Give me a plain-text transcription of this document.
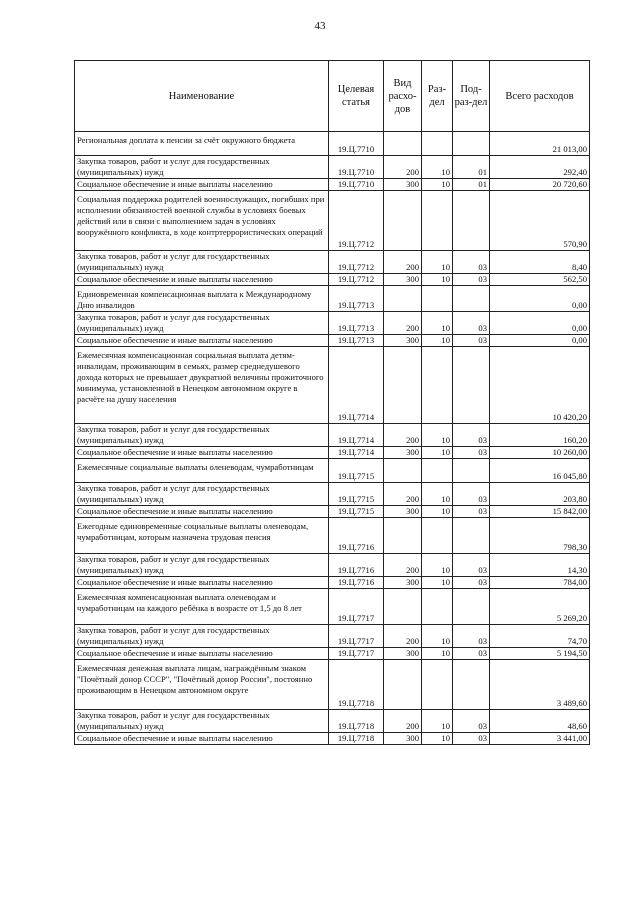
43
Наименование	Целевая статья	Вид расхо-дов	Раз-дел	Под-раз-дел	Всего расходов
Региональная доплата к пенсии за счёт окружного бюджета	19.Ц.7710				21 013,00
Закупка товаров, работ и услуг для государственных (муниципальных) нужд	19.Ц.7710	200	10	01	292,40
Социальное обеспечение и иные выплаты населению	19.Ц.7710	300	10	01	20 720,60
Социальная поддержка родителей военнослужащих, погибших при исполнении обязанностей военной службы в условиях боевых действий или в связи с выполнением задач в условиях вооружённого конфликта, в ходе контртеррористических операций	19.Ц.7712				570,90
Закупка товаров, работ и услуг для государственных (муниципальных) нужд	19.Ц.7712	200	10	03	8,40
Социальное обеспечение и иные выплаты населению	19.Ц.7712	300	10	03	562,50
Единовременная компенсационная выплата к Международному Дню инвалидов	19.Ц.7713				0,00
Закупка товаров, работ и услуг для государственных (муниципальных) нужд	19.Ц.7713	200	10	03	0,00
Социальное обеспечение и иные выплаты населению	19.Ц.7713	300	10	03	0,00
Ежемесячная компенсационная социальная выплата детям-инвалидам, проживающим в семьях, размер среднедушевого дохода которых не превышает двукратной величины прожиточного минимума, установленной в Ненецком автономном округе в расчёте на душу населения	19.Ц.7714				10 420,20
Закупка товаров, работ и услуг для государственных (муниципальных) нужд	19.Ц.7714	200	10	03	160,20
Социальное обеспечение и иные выплаты населению	19.Ц.7714	300	10	03	10 260,00
Ежемесячные социальные выплаты оленеводам, чумработницам	19.Ц.7715				16 045,80
Закупка товаров, работ и услуг для государственных (муниципальных) нужд	19.Ц.7715	200	10	03	203,80
Социальное обеспечение и иные выплаты населению	19.Ц.7715	300	10	03	15 842,00
Ежегодные единовременные социальные выплаты оленеводам, чумработницам, которым назначена трудовая пенсия	19.Ц.7716				798,30
Закупка товаров, работ и услуг для государственных (муниципальных) нужд	19.Ц.7716	200	10	03	14,30
Социальное обеспечение и иные выплаты населению	19.Ц.7716	300	10	03	784,00
Ежемесячная компенсационная выплата оленеводам и чумработницам на каждого ребёнка в возрасте от 1,5 до 8 лет	19.Ц.7717				5 269,20
Закупка товаров, работ и услуг для государственных (муниципальных) нужд	19.Ц.7717	200	10	03	74,70
Социальное обеспечение и иные выплаты населению	19.Ц.7717	300	10	03	5 194,50
Ежемесячная денежная выплата лицам, награждённым знаком "Почётный донор СССР", "Почётный донор России", постоянно проживающим в Ненецком автономном округе	19.Ц.7718				3 489,60
Закупка товаров, работ и услуг для государственных (муниципальных) нужд	19.Ц.7718	200	10	03	48,60
Социальное обеспечение и иные выплаты населению	19.Ц.7718	300	10	03	3 441,00
